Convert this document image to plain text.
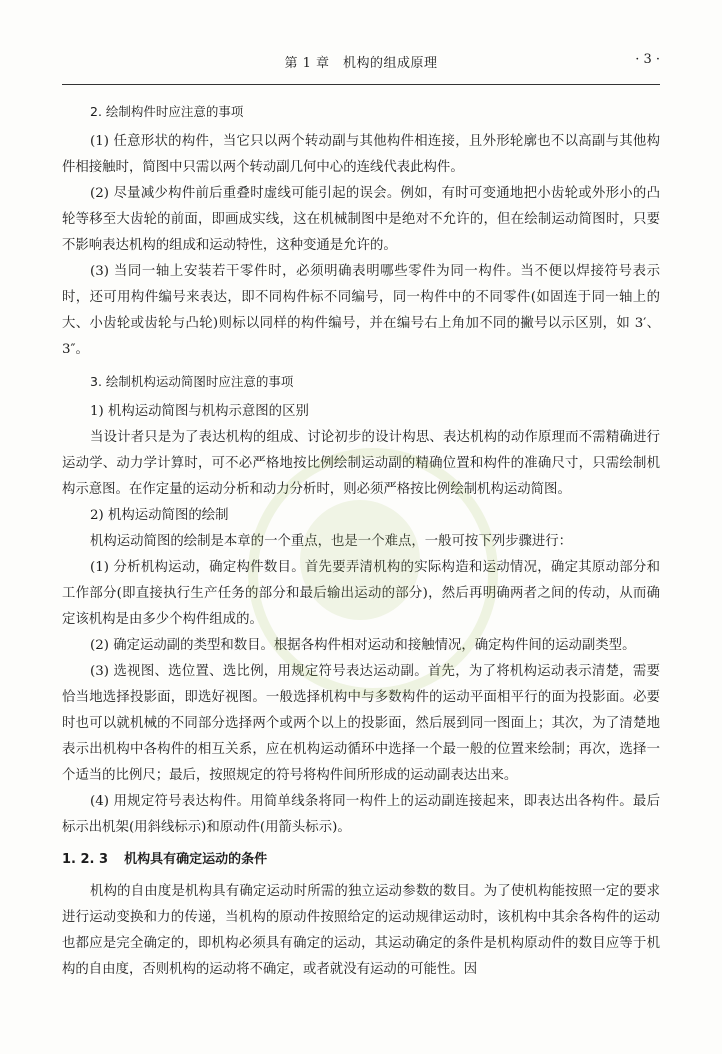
第 1 章　机构的组成原理	· 3 ·

2. 绘制构件时应注意的事项

(1) 任意形状的构件，当它只以两个转动副与其他构件相连接，且外形轮廓也不以高副与其他构件相接触时，简图中只需以两个转动副几何中心的连线代表此构件。

(2) 尽量减少构件前后重叠时虚线可能引起的误会。例如，有时可变通地把小齿轮或外形小的凸轮等移至大齿轮的前面，即画成实线，这在机械制图中是绝对不允许的，但在绘制运动简图时，只要不影响表达机构的组成和运动特性，这种变通是允许的。

(3) 当同一轴上安装若干零件时，必须明确表明哪些零件为同一构件。当不便以焊接符号表示时，还可用构件编号来表达，即不同构件标不同编号，同一构件中的不同零件(如固连于同一轴上的大、小齿轮或齿轮与凸轮)则标以同样的构件编号，并在编号右上角加不同的撇号以示区别，如 3′、3″。

3. 绘制机构运动简图时应注意的事项

1) 机构运动简图与机构示意图的区别

当设计者只是为了表达机构的组成、讨论初步的设计构思、表达机构的动作原理而不需精确进行运动学、动力学计算时，可不必严格地按比例绘制运动副的精确位置和构件的准确尺寸，只需绘制机构示意图。在作定量的运动分析和动力分析时，则必须严格按比例绘制机构运动简图。

2) 机构运动简图的绘制

机构运动简图的绘制是本章的一个重点，也是一个难点，一般可按下列步骤进行：

(1) 分析机构运动，确定构件数目。首先要弄清机构的实际构造和运动情况，确定其原动部分和工作部分(即直接执行生产任务的部分和最后输出运动的部分)，然后再明确两者之间的传动，从而确定该机构是由多少个构件组成的。

(2) 确定运动副的类型和数目。根据各构件相对运动和接触情况，确定构件间的运动副类型。

(3) 选视图、选位置、选比例，用规定符号表达运动副。首先，为了将机构运动表示清楚，需要恰当地选择投影面，即选好视图。一般选择机构中与多数构件的运动平面相平行的面为投影面。必要时也可以就机械的不同部分选择两个或两个以上的投影面，然后展到同一图面上；其次，为了清楚地表示出机构中各构件的相互关系，应在机构运动循环中选择一个最一般的位置来绘制；再次，选择一个适当的比例尺；最后，按照规定的符号将构件间所形成的运动副表达出来。

(4) 用规定符号表达构件。用简单线条将同一构件上的运动副连接起来，即表达出各构件。最后标示出机架(用斜线标示)和原动件(用箭头标示)。

1. 2. 3 机构具有确定运动的条件

机构的自由度是机构具有确定运动时所需的独立运动参数的数目。为了使机构能按照一定的要求进行运动变换和力的传递，当机构的原动件按照给定的运动规律运动时，该机构中其余各构件的运动也都应是完全确定的，即机构必须具有确定的运动，其运动确定的条件是机构原动件的数目应等于机构的自由度，否则机构的运动将不确定，或者就没有运动的可能性。因
